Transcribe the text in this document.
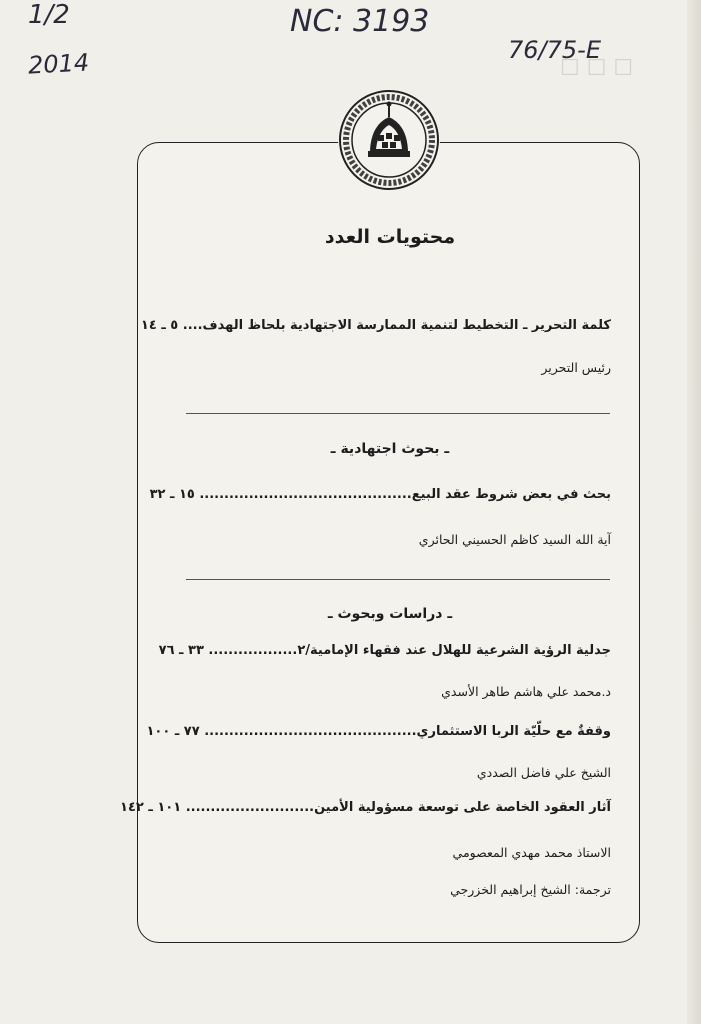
☐ ☐ ☐
1/2
2014
NC: 3193
76/75-E
محتويات العدد
كلمة التحرير ـ التخطيط لتنمية الممارسة الاجتهادية بلحاظ الهدف.... ٥ ـ ١٤
رئيس التحرير
ـ بحوث اجتهادية ـ
بحث في بعض شروط عقد البيع........................................... ١٥ ـ ٣٢
آية الله السيد كاظم الحسيني الحائري
ـ دراسات وبحوث ـ
جدلية الرؤية الشرعية للهلال عند فقهاء الإمامية/٢.................. ٣٣ ـ ٧٦
د.محمد علي هاشم طاهر الأسدي
وقفةٌ مع حلّيّة الربا الاستثماري........................................... ٧٧ ـ ١٠٠
الشيخ علي فاضل الصددي
آثار العقود الخاصة على توسعة مسؤولية الأمين.......................... ١٠١ ـ ١٤٢
الاستاذ محمد مهدي المعصومي
ترجمة: الشيخ إبراهيم الخزرجي
